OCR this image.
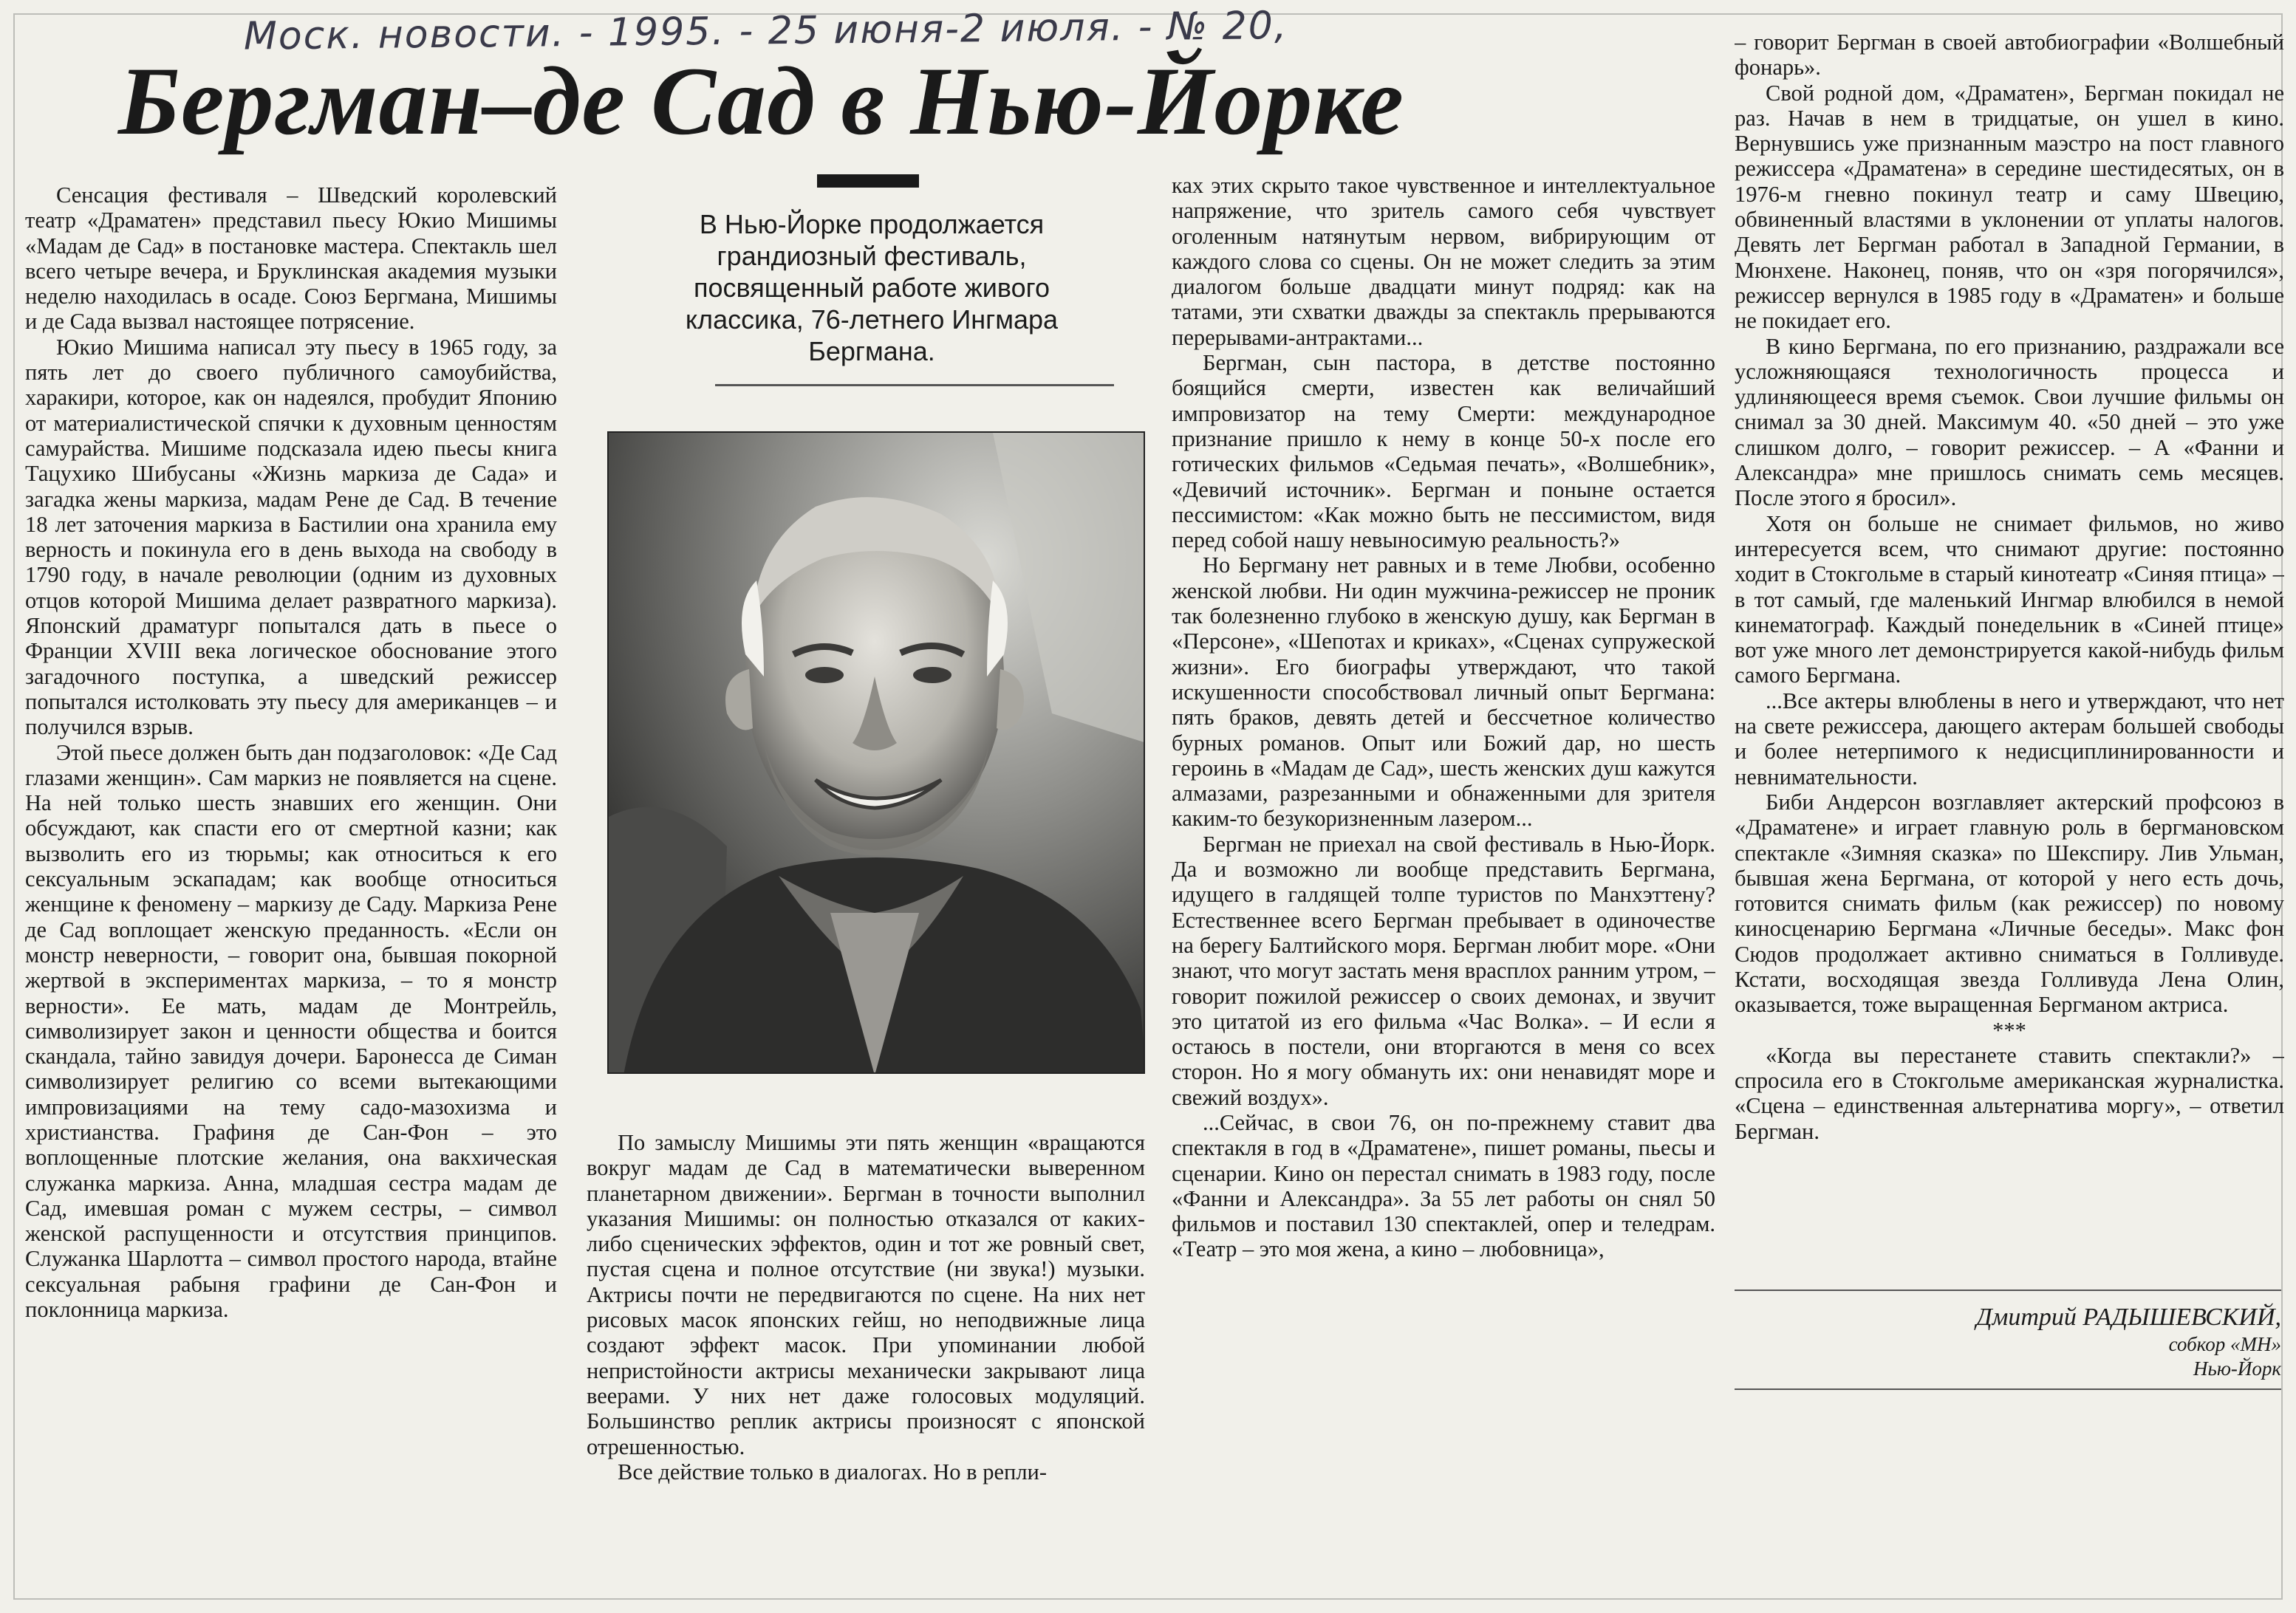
Моск. новости. - 1995. - 25 июня-2 июля. - № 20,
Бергман–де Сад в Нью-Йорке

Сенсация фестиваля – Шведский королевский театр «Драматен» представил пьесу Юкио Мишимы «Мадам де Сад» в постановке мастера. Спектакль шел всего четыре вечера, и Бруклинская академия музыки неделю находилась в осаде. Союз Бергмана, Мишимы и де Сада вызвал настоящее потрясение.

Юкио Мишима написал эту пьесу в 1965 году, за пять лет до своего публичного самоубийства, харакири, которое, как он надеялся, пробудит Японию от материалистической спячки к духовным ценностям самурайства. Мишиме подсказала идею пьесы книга Тацухико Шибусаны «Жизнь маркиза де Сада» и загадка жены маркиза, мадам Рене де Сад. В течение 18 лет заточения маркиза в Бастилии она хранила ему верность и покинула его в день выхода на свободу в 1790 году, в начале революции (одним из духовных отцов которой Мишима делает развратного маркиза). Японский драматург попытался дать в пьесе о Франции XVIII века логическое обоснование этого загадочного поступка, а шведский режиссер попытался истолковать эту пьесу для американцев – и получился взрыв.

Этой пьесе должен быть дан подзаголовок: «Де Сад глазами женщин». Сам маркиз не появляется на сцене. На ней только шесть знавших его женщин. Они обсуждают, как спасти его от смертной казни; как вызволить его из тюрьмы; как относиться к его сексуальным эскападам; как вообще относиться женщине к феномену – маркизу де Саду. Маркиза Рене де Сад воплощает женскую преданность. «Если он монстр неверности, – говорит она, бывшая покорной жертвой в экспериментах маркиза, – то я монстр верности». Ее мать, мадам де Монтрейль, символизирует закон и ценности общества и боится скандала, тайно завидуя дочери. Баронесса де Симан символизирует религию со всеми вытекающими импровизациями на тему садо-мазохизма и христианства. Графиня де Сан-Фон – это воплощенные плотские желания, она вакхическая служанка маркиза. Анна, младшая сестра мадам де Сад, имевшая роман с мужем сестры, – символ женской распущенности и отсутствия принципов. Служанка Шарлотта – символ простого народа, втайне сексуальная рабыня графини де Сан-Фон и поклонница маркиза.

В Нью-Йорке продолжается грандиозный фестиваль, посвященный работе живого классика, 76-летнего Ингмара Бергмана.

По замыслу Мишимы эти пять женщин «вращаются вокруг мадам де Сад в математически выверенном планетарном движении». Бергман в точности выполнил указания Мишимы: он полностью отказался от каких-либо сценических эффектов, один и тот же ровный свет, пустая сцена и полное отсутствие (ни звука!) музыки. Актрисы почти не передвигаются по сцене. На них нет рисовых масок японских гейш, но неподвижные лица создают эффект масок. При упоминании любой непристойности актрисы механически закрывают лица веерами. У них нет даже голосовых модуляций. Большинство реплик актрисы произносят с японской отрешенностью.

Все действие только в диалогах. Но в репли-

ках этих скрыто такое чувственное и интеллектуальное напряжение, что зритель самого себя чувствует оголенным натянутым нервом, вибрирующим от каждого слова со сцены. Он не может следить за этим диалогом больше двадцати минут подряд: как на татами, эти схватки дважды за спектакль прерываются перерывами-антрактами...

Бергман, сын пастора, в детстве постоянно боящийся смерти, известен как величайший импровизатор на тему Смерти: международное признание пришло к нему в конце 50-х после его готических фильмов «Седьмая печать», «Волшебник», «Девичий источник». Бергман и поныне остается пессимистом: «Как можно быть не пессимистом, видя перед собой нашу невыносимую реальность?»

Но Бергману нет равных и в теме Любви, особенно женской любви. Ни один мужчина-режиссер не проник так болезненно глубоко в женскую душу, как Бергман в «Персоне», «Шепотах и криках», «Сценах супружеской жизни». Его биографы утверждают, что такой искушенности способствовал личный опыт Бергмана: пять браков, девять детей и бессчетное количество бурных романов. Опыт или Божий дар, но шесть героинь в «Мадам де Сад», шесть женских душ кажутся алмазами, разрезанными и обнаженными для зрителя каким-то безукоризненным лазером...

Бергман не приехал на свой фестиваль в Нью-Йорк. Да и возможно ли вообще представить Бергмана, идущего в галдящей толпе туристов по Манхэттену? Естественнее всего Бергман пребывает в одиночестве на берегу Балтийского моря. Бергман любит море. «Они знают, что могут застать меня врасплох ранним утром, – говорит пожилой режиссер о своих демонах, и звучит это цитатой из его фильма «Час Волка». – И если я остаюсь в постели, они вторгаются в меня со всех сторон. Но я могу обмануть их: они ненавидят море и свежий воздух».

...Сейчас, в свои 76, он по-прежнему ставит два спектакля в год в «Драматене», пишет романы, пьесы и сценарии. Кино он перестал снимать в 1983 году, после «Фанни и Александра». За 55 лет работы он снял 50 фильмов и поставил 130 спектаклей, опер и теледрам. «Театр – это моя жена, а кино – любовница»,

– говорит Бергман в своей автобиографии «Волшебный фонарь».

Свой родной дом, «Драматен», Бергман покидал не раз. Начав в нем в тридцатые, он ушел в кино. Вернувшись уже признанным маэстро на пост главного режиссера «Драматена» в середине шестидесятых, он в 1976-м гневно покинул театр и саму Швецию, обвиненный властями в уклонении от уплаты налогов. Девять лет Бергман работал в Западной Германии, в Мюнхене. Наконец, поняв, что он «зря погорячился», режиссер вернулся в 1985 году в «Драматен» и больше не покидает его.

В кино Бергмана, по его признанию, раздражали все усложняющаяся технологичность процесса и удлиняющееся время съемок. Свои лучшие фильмы он снимал за 30 дней. Максимум 40. «50 дней – это уже слишком долго, – говорит режиссер. – А «Фанни и Александра» мне пришлось снимать семь месяцев. После этого я бросил».

Хотя он больше не снимает фильмов, но живо интересуется всем, что снимают другие: постоянно ходит в Стокгольме в старый кинотеатр «Синяя птица» – в тот самый, где маленький Ингмар влюбился в немой кинематограф. Каждый понедельник в «Синей птице» вот уже много лет демонстрируется какой-нибудь фильм самого Бергмана.

...Все актеры влюблены в него и утверждают, что нет на свете режиссера, дающего актерам большей свободы и более нетерпимого к недисциплинированности и невнимательности.

Биби Андерсон возглавляет актерский профсоюз в «Драматене» и играет главную роль в бергмановском спектакле «Зимняя сказка» по Шекспиру. Лив Ульман, бывшая жена Бергмана, от которой у него есть дочь, готовится снимать фильм (как режиссер) по новому киносценарию Бергмана «Личные беседы». Макс фон Сюдов продолжает активно сниматься в Голливуде. Кстати, восходящая звезда Голливуда Лена Олин, оказывается, тоже выращенная Бергманом актриса.

***

«Когда вы перестанете ставить спектакли?» – спросила его в Стокгольме американская журналистка. «Сцена – единственная альтернатива моргу», – ответил Бергман.

Дмитрий РАДЫШЕВСКИЙ,
собкор «МН»
Нью-Йорк
